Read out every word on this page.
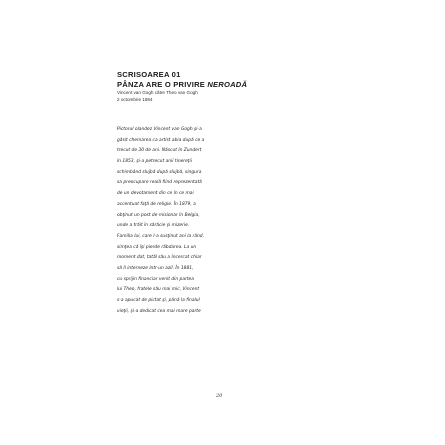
SCRISOAREA 01
PÂNZA ARE O PRIVIRE NEROADĂ
Vincent van Gogh către Theo van Gogh
2 octombrie 1884
Pictorul olandez Vincent van Gogh şi-a
găsit chemarea ca artist abia după ce a
trecut de 30 de ani. Născut în Zundert
în 1853, şi-a petrecut anii tinereţii
schimbând slujbă după slujbă, singura
sa preocupare reală fiind reprezentată
de un devotament din ce în ce mai
accentuat faţă de religie. În 1879, a
obţinut un post de misionar în Belgia,
unde a trăit în sărăcie şi mizerie.
Familia lui, care l-a susţinut ani la rând,
simţea că îşi pierde răbdarea. La un
moment dat, tatăl său a încercat chiar
să îl interneze într-un azil. În 1881,
cu sprijin financiar venit din partea
lui Theo, fratele său mai mic, Vincent
s-a apucat de pictat şi, până la finalul
vieţii, şi-a dedicat cea mai mare parte
20
